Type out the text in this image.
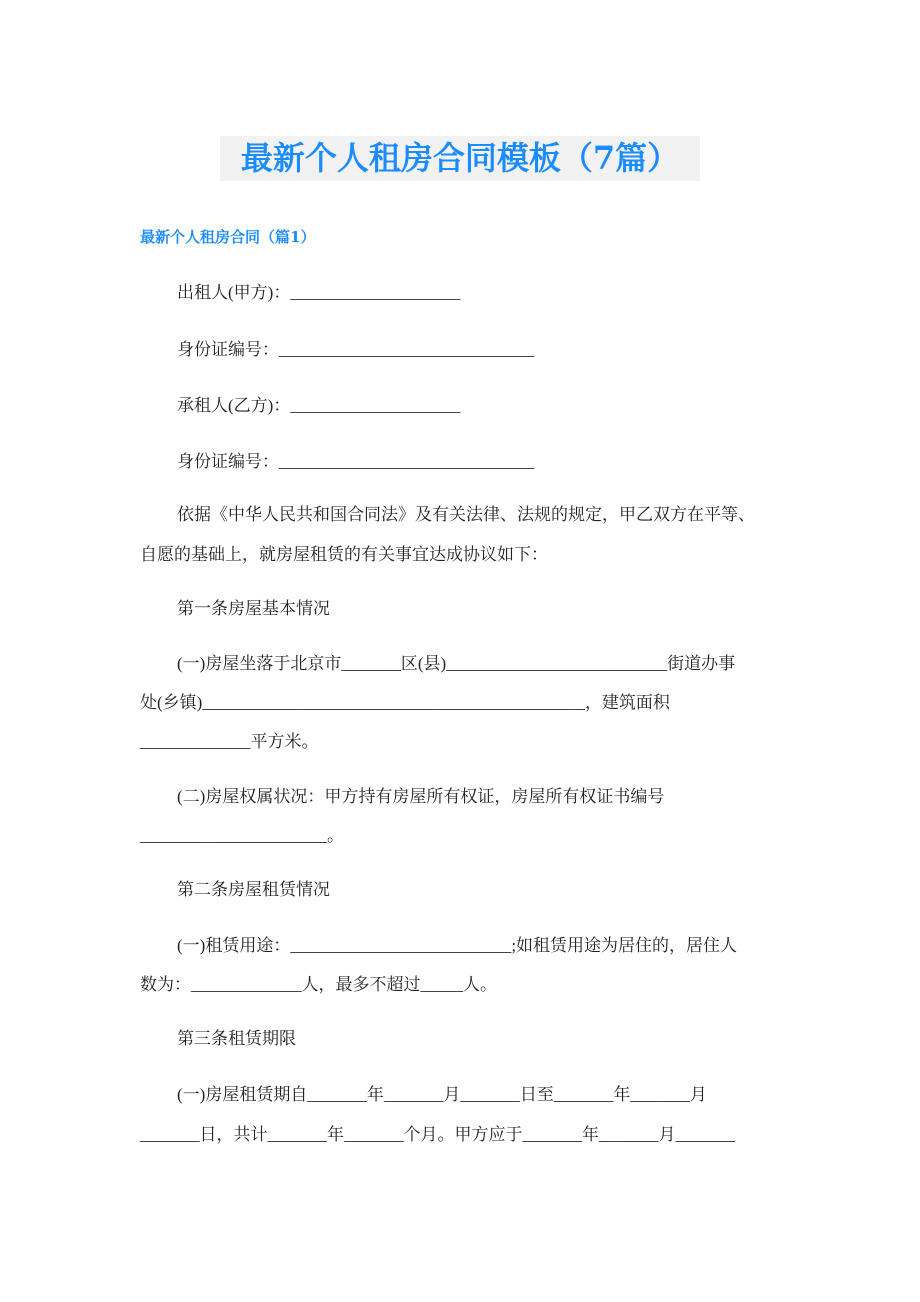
最新个人租房合同模板（7篇）
最新个人租房合同（篇1）
出租人(甲方)：____________________
身份证编号：______________________________
承租人(乙方)：____________________
身份证编号：______________________________
依据《中华人民共和国合同法》及有关法律、法规的规定，甲乙双方在平等、
自愿的基础上，就房屋租赁的有关事宜达成协议如下：
第一条房屋基本情况
(一)房屋坐落于北京市_______区(县)__________________________街道办事
处(乡镇)_____________________________________________，建筑面积
_____________平方米。
(二)房屋权属状况：甲方持有房屋所有权证，房屋所有权证书编号
______________________。
第二条房屋租赁情况
(一)租赁用途：__________________________;如租赁用途为居住的，居住人
数为：_____________人，最多不超过_____人。
第三条租赁期限
(一)房屋租赁期自_______年_______月_______日至_______年_______月
_______日，共计_______年_______个月。甲方应于_______年_______月_______
